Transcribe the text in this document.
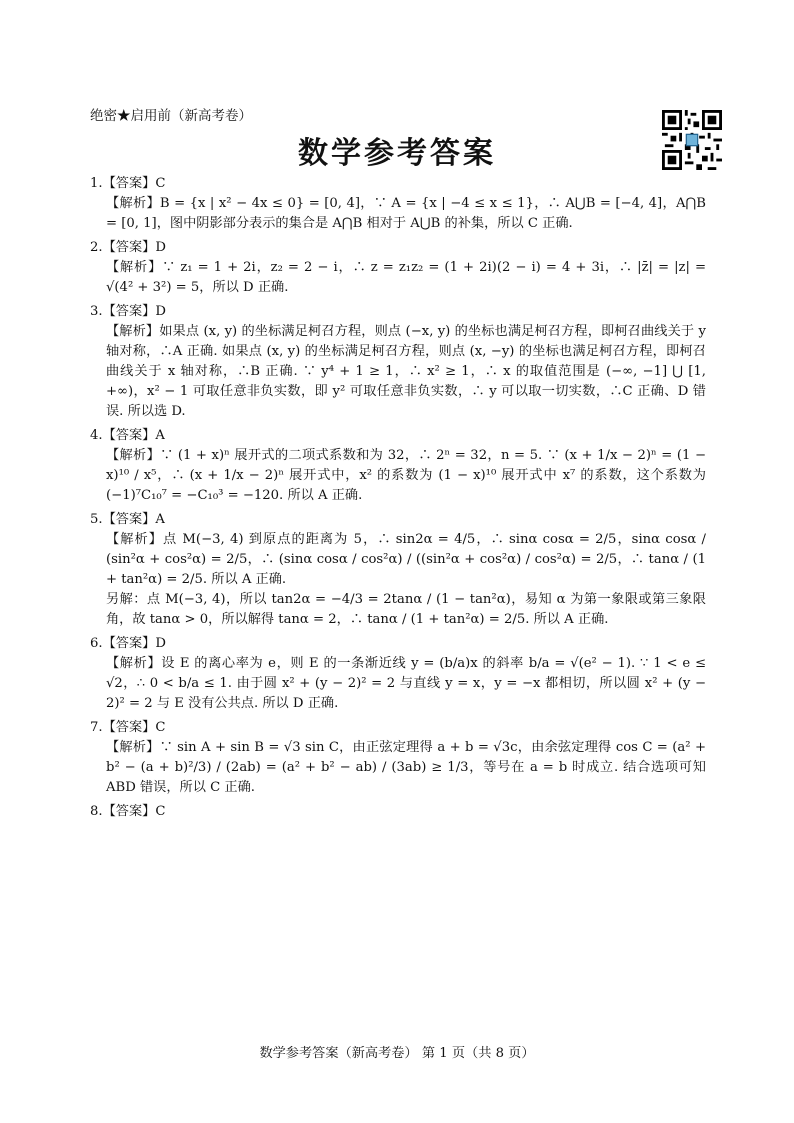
绝密★启用前（新高考卷）
数学参考答案

1.【答案】C

【解析】B = {x | x² − 4x ≤ 0} = [0, 4]，∵ A = {x | −4 ≤ x ≤ 1}，∴ A⋃B = [−4, 4]，A⋂B = [0, 1]，图中阴影部分表示的集合是 A⋂B 相对于 A⋃B 的补集，所以 C 正确.

2.【答案】D

【解析】∵ z₁ = 1 + 2i，z₂ = 2 − i，∴ z = z₁z₂ = (1 + 2i)(2 − i) = 4 + 3i，∴ |z̄| = |z| = √(4² + 3²) = 5，所以 D 正确.

3.【答案】D

【解析】如果点 (x, y) 的坐标满足柯召方程，则点 (−x, y) 的坐标也满足柯召方程，即柯召曲线关于 y 轴对称，∴A 正确. 如果点 (x, y) 的坐标满足柯召方程，则点 (x, −y) 的坐标也满足柯召方程，即柯召曲线关于 x 轴对称，∴B 正确. ∵ y⁴ + 1 ≥ 1，∴ x² ≥ 1，∴ x 的取值范围是 (−∞, −1] ⋃ [1, +∞)，x² − 1 可取任意非负实数，即 y² 可取任意非负实数，∴ y 可以取一切实数，∴C 正确、D 错误. 所以选 D.

4.【答案】A

【解析】∵ (1 + x)ⁿ 展开式的二项式系数和为 32，∴ 2ⁿ = 32，n = 5. ∵ (x + 1/x − 2)ⁿ = (1 − x)¹⁰ / x⁵，∴ (x + 1/x − 2)ⁿ 展开式中，x² 的系数为 (1 − x)¹⁰ 展开式中 x⁷ 的系数，这个系数为 (−1)⁷C₁₀⁷ = −C₁₀³ = −120. 所以 A 正确.

5.【答案】A

【解析】点 M(−3, 4) 到原点的距离为 5，∴ sin2α = 4/5，∴ sinα cosα = 2/5，sinα cosα / (sin²α + cos²α) = 2/5，∴ (sinα cosα / cos²α) / ((sin²α + cos²α) / cos²α) = 2/5，∴ tanα / (1 + tan²α) = 2/5. 所以 A 正确.

另解：点 M(−3, 4)，所以 tan2α = −4/3 = 2tanα / (1 − tan²α)，易知 α 为第一象限或第三象限角，故 tanα > 0，所以解得 tanα = 2，∴ tanα / (1 + tan²α) = 2/5. 所以 A 正确.

6.【答案】D

【解析】设 E 的离心率为 e，则 E 的一条渐近线 y = (b/a)x 的斜率 b/a = √(e² − 1). ∵ 1 < e ≤ √2，∴ 0 < b/a ≤ 1. 由于圆 x² + (y − 2)² = 2 与直线 y = x，y = −x 都相切，所以圆 x² + (y − 2)² = 2 与 E 没有公共点. 所以 D 正确.

7.【答案】C

【解析】∵ sin A + sin B = √3 sin C，由正弦定理得 a + b = √3c，由余弦定理得 cos C = (a² + b² − (a + b)²/3) / (2ab) = (a² + b² − ab) / (3ab) ≥ 1/3，等号在 a = b 时成立. 结合选项可知 ABD 错误，所以 C 正确.

8.【答案】C

数学参考答案（新高考卷） 第 1 页（共 8 页）
